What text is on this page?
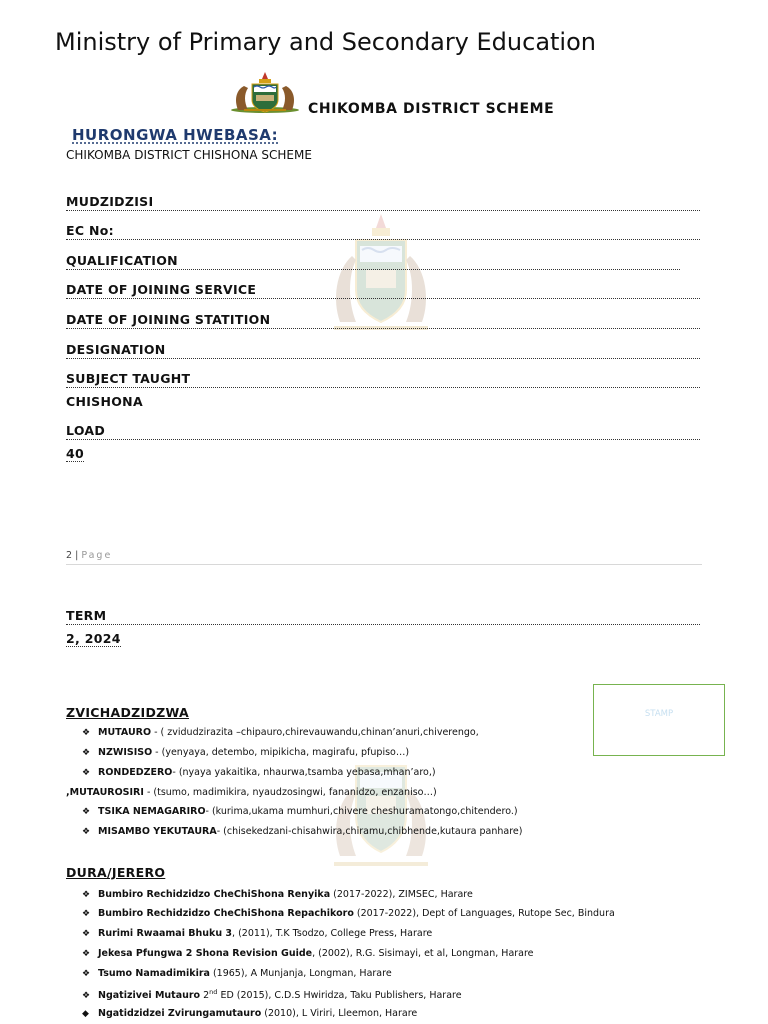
Ministry of Primary and Secondary Education
CHIKOMBA DISTRICT SCHEME
HURONGWA HWEBASA:
CHIKOMBA DISTRICT CHISHONA SCHEME
MUDZIDZISI
EC No:
QUALIFICATION
DATE OF JOINING SERVICE
DATE OF JOINING STATITION
DESIGNATION
SUBJECT TAUGHT
CHISHONA
LOAD
40
2 | Page
TERM
2, 2024
STAMP
ZVICHADZIDZWA
❖ MUTAURO - ( zvidudzirazita –chipauro,chirevauwandu,chinan’anuri,chiverengo,
❖ NZWISISO - (yenyaya, detembo, mipikicha, magirafu, pfupiso…)
❖ RONDEDZERO- (nyaya yakaitika, nhaurwa,tsamba yebasa,mhan’aro,)
,MUTAUROSIRI - (tsumo, madimikira, nyaudzosingwi, fananidzo, enzaniso…)
❖ TSIKA NEMAGARIRO- (kurima,ukama mumhuri,chivere cheshuramatongo,chitendero.)
❖ MISAMBO YEKUTAURA- (chisekedzani-chisahwira,chiramu,chibhende,kutaura panhare)
DURA/JERERO
❖ Bumbiro Rechidzidzo CheChiShona Renyika (2017-2022), ZIMSEC, Harare
❖ Bumbiro Rechidzidzo CheChiShona Repachikoro (2017-2022), Dept of Languages, Rutope Sec, Bindura
❖ Rurimi Rwaamai Bhuku 3, (2011), T.K Tsodzo, College Press, Harare
❖ Jekesa Pfungwa 2 Shona Revision Guide, (2002), R.G. Sisimayi, et al, Longman, Harare
❖ Tsumo Namadimikira (1965), A Munjanja, Longman, Harare
❖ Ngatizivei Mutauro 2nd ED (2015), C.D.S Hwiridza, Taku Publishers, Harare
◆ Ngatidzidzei Zvirungamutauro (2010), L Viriri, Lleemon, Harare
